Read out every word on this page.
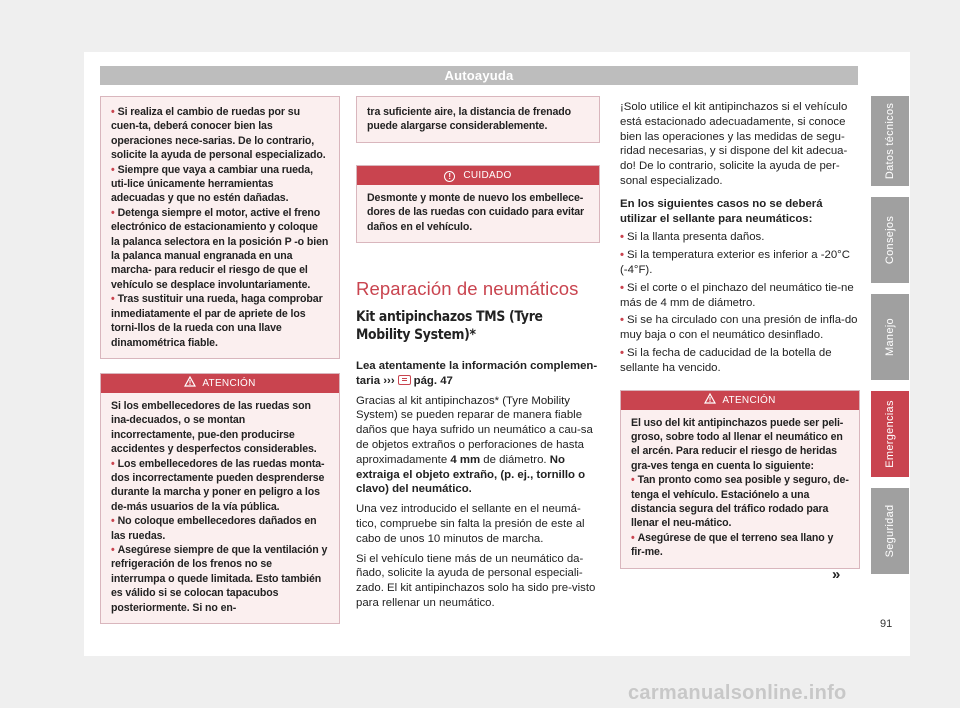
Autoayuda

• Si realiza el cambio de ruedas por su cuen-ta, deberá conocer bien las operaciones nece-sarias. De lo contrario, solicite la ayuda de personal especializado.

• Siempre que vaya a cambiar una rueda, uti-lice únicamente herramientas adecuadas y que no estén dañadas.

• Detenga siempre el motor, active el freno electrónico de estacionamiento y coloque la palanca selectora en la posición P -o bien la palanca manual engranada en una marcha- para reducir el riesgo de que el vehículo se desplace involuntariamente.

• Tras sustituir una rueda, haga comprobar inmediatamente el par de apriete de los torni-llos de la rueda con una llave dinamométrica fiable.

ATENCIÓN

Si los embellecedores de las ruedas son ina-decuados, o se montan incorrectamente, pue-den producirse accidentes y desperfectos considerables.

• Los embellecedores de las ruedas monta-dos incorrectamente pueden desprenderse durante la marcha y poner en peligro a los de-más usuarios de la vía pública.

• No coloque embellecedores dañados en las ruedas.

• Asegúrese siempre de que la ventilación y refrigeración de los frenos no se interrumpa o quede limitada. Esto también es válido si se colocan tapacubos posteriormente. Si no en-

tra suficiente aire, la distancia de frenado puede alargarse considerablemente.

! CUIDADO

Desmonte y monte de nuevo los embellece-dores de las ruedas con cuidado para evitar daños en el vehículo.

Reparación de neumáticos
Kit antipinchazos TMS (Tyre Mobility System)*

Lea atentamente la información complemen-taria ››› pág. 47

Gracias al kit antipinchazos* (Tyre Mobility System) se pueden reparar de manera fiable daños que haya sufrido un neumático a cau-sa de objetos extraños o perforaciones de hasta aproximadamente 4 mm de diámetro. No extraiga el objeto extraño, (p. ej., tornillo o clavo) del neumático.

Una vez introducido el sellante en el neumá-tico, compruebe sin falta la presión de este al cabo de unos 10 minutos de marcha.

Si el vehículo tiene más de un neumático da-ñado, solicite la ayuda de personal especiali-zado. El kit antipinchazos solo ha sido pre-visto para rellenar un neumático.

¡Solo utilice el kit antipinchazos si el vehículo está estacionado adecuadamente, si conoce bien las operaciones y las medidas de segu-ridad necesarias, y si dispone del kit adecua-do! De lo contrario, solicite la ayuda de per-sonal especializado.

En los siguientes casos no se deberá utilizar el sellante para neumáticos:

• Si la llanta presenta daños.

• Si la temperatura exterior es inferior a -20°C (-4°F).

• Si el corte o el pinchazo del neumático tie-ne más de 4 mm de diámetro.

• Si se ha circulado con una presión de infla-do muy baja o con el neumático desinflado.

• Si la fecha de caducidad de la botella de sellante ha vencido.

ATENCIÓN

El uso del kit antipinchazos puede ser peli-groso, sobre todo al llenar el neumático en el arcén. Para reducir el riesgo de heridas gra-ves tenga en cuenta lo siguiente:

• Tan pronto como sea posible y seguro, de-tenga el vehículo. Estaciónelo a una distancia segura del tráfico rodado para llenar el neu-mático.

• Asegúrese de que el terreno sea llano y fir-me.

»
Datos técnicos
Consejos
Manejo
Emergencias
Seguridad
91
carmanualsonline.info
